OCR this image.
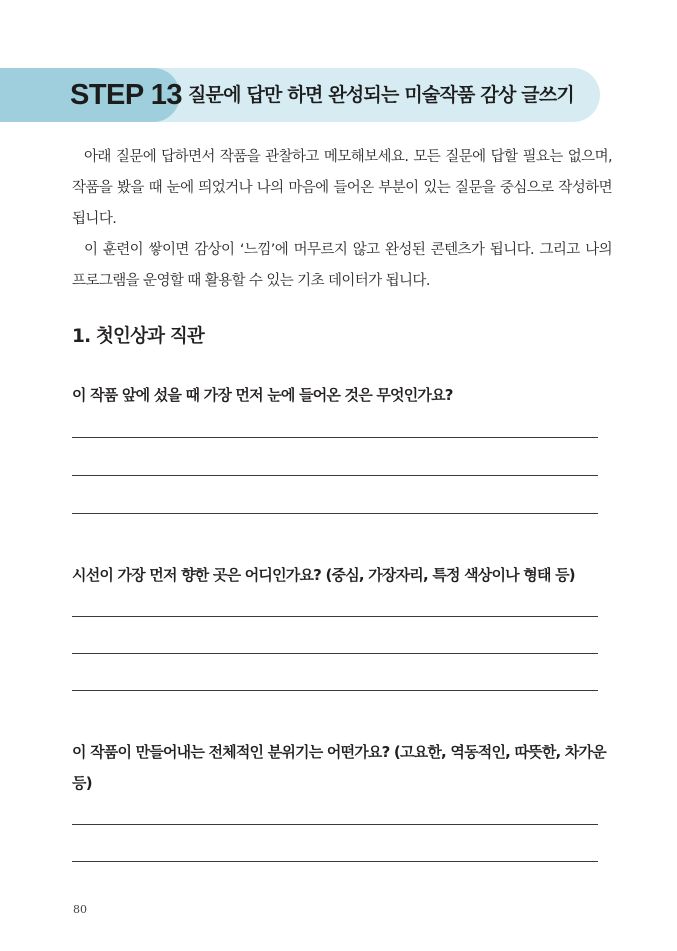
STEP 13 질문에 답만 하면 완성되는 미술작품 감상 글쓰기

아래 질문에 답하면서 작품을 관찰하고 메모해보세요. 모든 질문에 답할 필요는 없으며, 작품을 봤을 때 눈에 띄었거나 나의 마음에 들어온 부분이 있는 질문을 중심으로 작성하면 됩니다.

이 훈련이 쌓이면 감상이 ‘느낌’에 머무르지 않고 완성된 콘텐츠가 됩니다. 그리고 나의 프로그램을 운영할 때 활용할 수 있는 기초 데이터가 됩니다.

1. 첫인상과 직관
이 작품 앞에 섰을 때 가장 먼저 눈에 들어온 것은 무엇인가요?
시선이 가장 먼저 향한 곳은 어디인가요? (중심, 가장자리, 특정 색상이나 형태 등)
이 작품이 만들어내는 전체적인 분위기는 어떤가요? (고요한, 역동적인, 따뜻한, 차가운 등)
80
